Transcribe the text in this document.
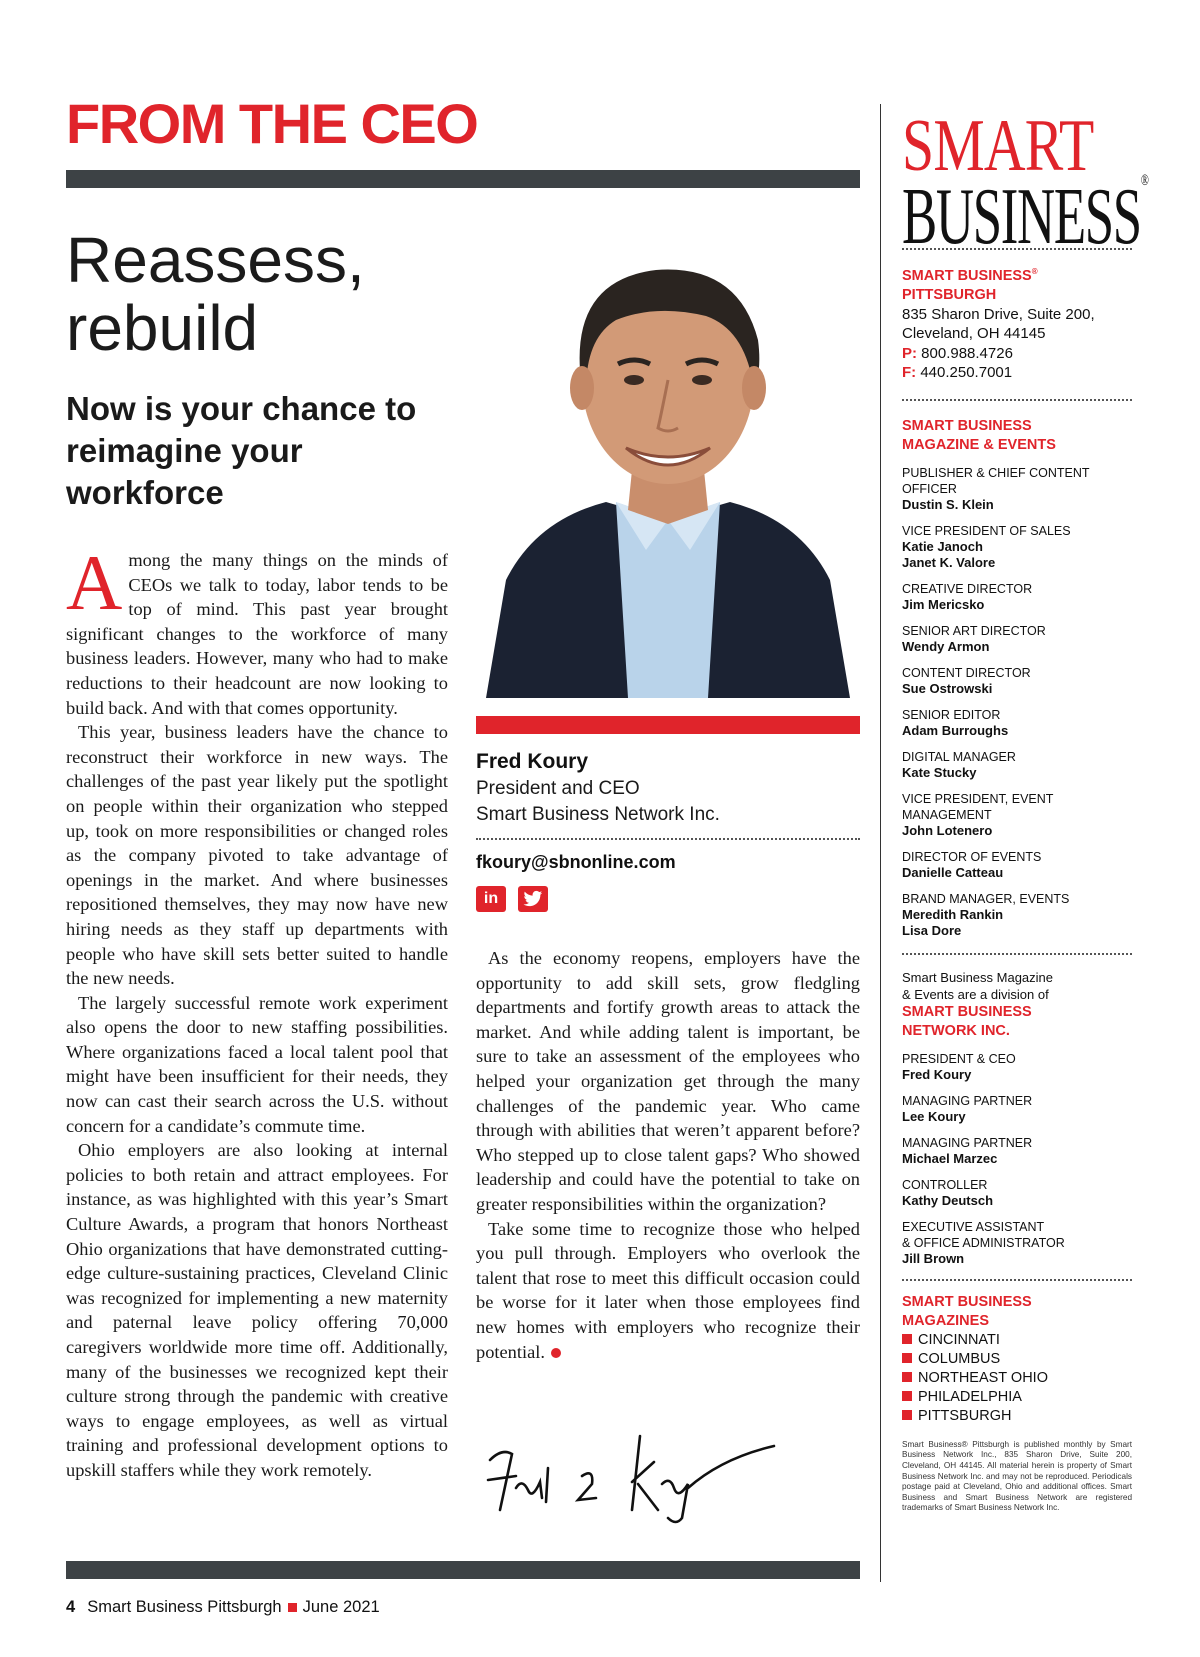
FROM THE CEO
Reassess,
rebuild
Now is your chance to reimagine your workforce

Among the many things on the minds of CEOs we talk to today, labor tends to be top of mind. This past year brought significant changes to the workforce of many business leaders. However, many who had to make reductions to their headcount are now looking to build back. And with that comes opportunity.

This year, business leaders have the chance to reconstruct their workforce in new ways. The challenges of the past year likely put the spotlight on people within their organization who stepped up, took on more responsibilities or changed roles as the company pivoted to take advantage of openings in the market. And where businesses repositioned themselves, they may now have new hiring needs as they staff up departments with people who have skill sets better suited to handle the new needs.

The largely successful remote work experiment also opens the door to new staffing possibilities. Where organizations faced a local talent pool that might have been insufficient for their needs, they now can cast their search across the U.S. without concern for a candidate’s commute time.

Ohio employers are also looking at internal policies to both retain and attract employees. For instance, as was highlighted with this year’s Smart Culture Awards, a program that honors Northeast Ohio organizations that have demonstrated cutting-edge culture-sustaining practices, Cleveland Clinic was recognized for implementing a new maternity and paternal leave policy offering 70,000 caregivers worldwide more time off. Additionally, many of the businesses we recognized kept their culture strong through the pandemic with creative ways to engage employees, as well as virtual training and professional development options to upskill staffers while they work remotely.

Fred Koury
President and CEO
Smart Business Network Inc.
fkoury@sbnonline.com
in

As the economy reopens, employers have the opportunity to add skill sets, grow fledgling departments and fortify growth areas to attack the market. And while adding talent is important, be sure to take an assessment of the employees who helped your organization get through the many challenges of the pandemic year. Who came through with abilities that weren’t apparent before? Who stepped up to close talent gaps? Who showed leadership and could have the potential to take on greater responsibilities within the organization?

Take some time to recognize those who helped you pull through. Employers who overlook the talent that rose to meet this difficult occasion could be worse for it later when those employees find new homes with employers who recognize their potential.

4 Smart Business Pittsburgh June 2021
SMART
BUSINESS®
SMART BUSINESS® PITTSBURGH
835 Sharon Drive, Suite 200,
Cleveland, OH 44145
P: 800.988.4726
F: 440.250.7001
SMART BUSINESS
MAGAZINE & EVENTS
PUBLISHER & CHIEF CONTENT OFFICER
Dustin S. Klein
VICE PRESIDENT OF SALES
Katie Janoch
Janet K. Valore
CREATIVE DIRECTOR
Jim Mericsko
SENIOR ART DIRECTOR
Wendy Armon
CONTENT DIRECTOR
Sue Ostrowski
SENIOR EDITOR
Adam Burroughs
DIGITAL MANAGER
Kate Stucky
VICE PRESIDENT, EVENT MANAGEMENT
John Lotenero
DIRECTOR OF EVENTS
Danielle Catteau
BRAND MANAGER, EVENTS
Meredith Rankin
Lisa Dore
Smart Business Magazine
& Events are a division of
SMART BUSINESS
NETWORK INC.
PRESIDENT & CEO
Fred Koury
MANAGING PARTNER
Lee Koury
MANAGING PARTNER
Michael Marzec
CONTROLLER
Kathy Deutsch
EXECUTIVE ASSISTANT
& OFFICE ADMINISTRATOR
Jill Brown
SMART BUSINESS
MAGAZINES
CINCINNATI
COLUMBUS
NORTHEAST OHIO
PHILADELPHIA
PITTSBURGH
Smart Business® Pittsburgh is published monthly by Smart Business Network Inc., 835 Sharon Drive, Suite 200, Cleveland, OH 44145. All material herein is property of Smart Business Network Inc. and may not be reproduced. Periodicals postage paid at Cleveland, Ohio and additional offices. Smart Business and Smart Business Network are registered trademarks of Smart Business Network Inc.
